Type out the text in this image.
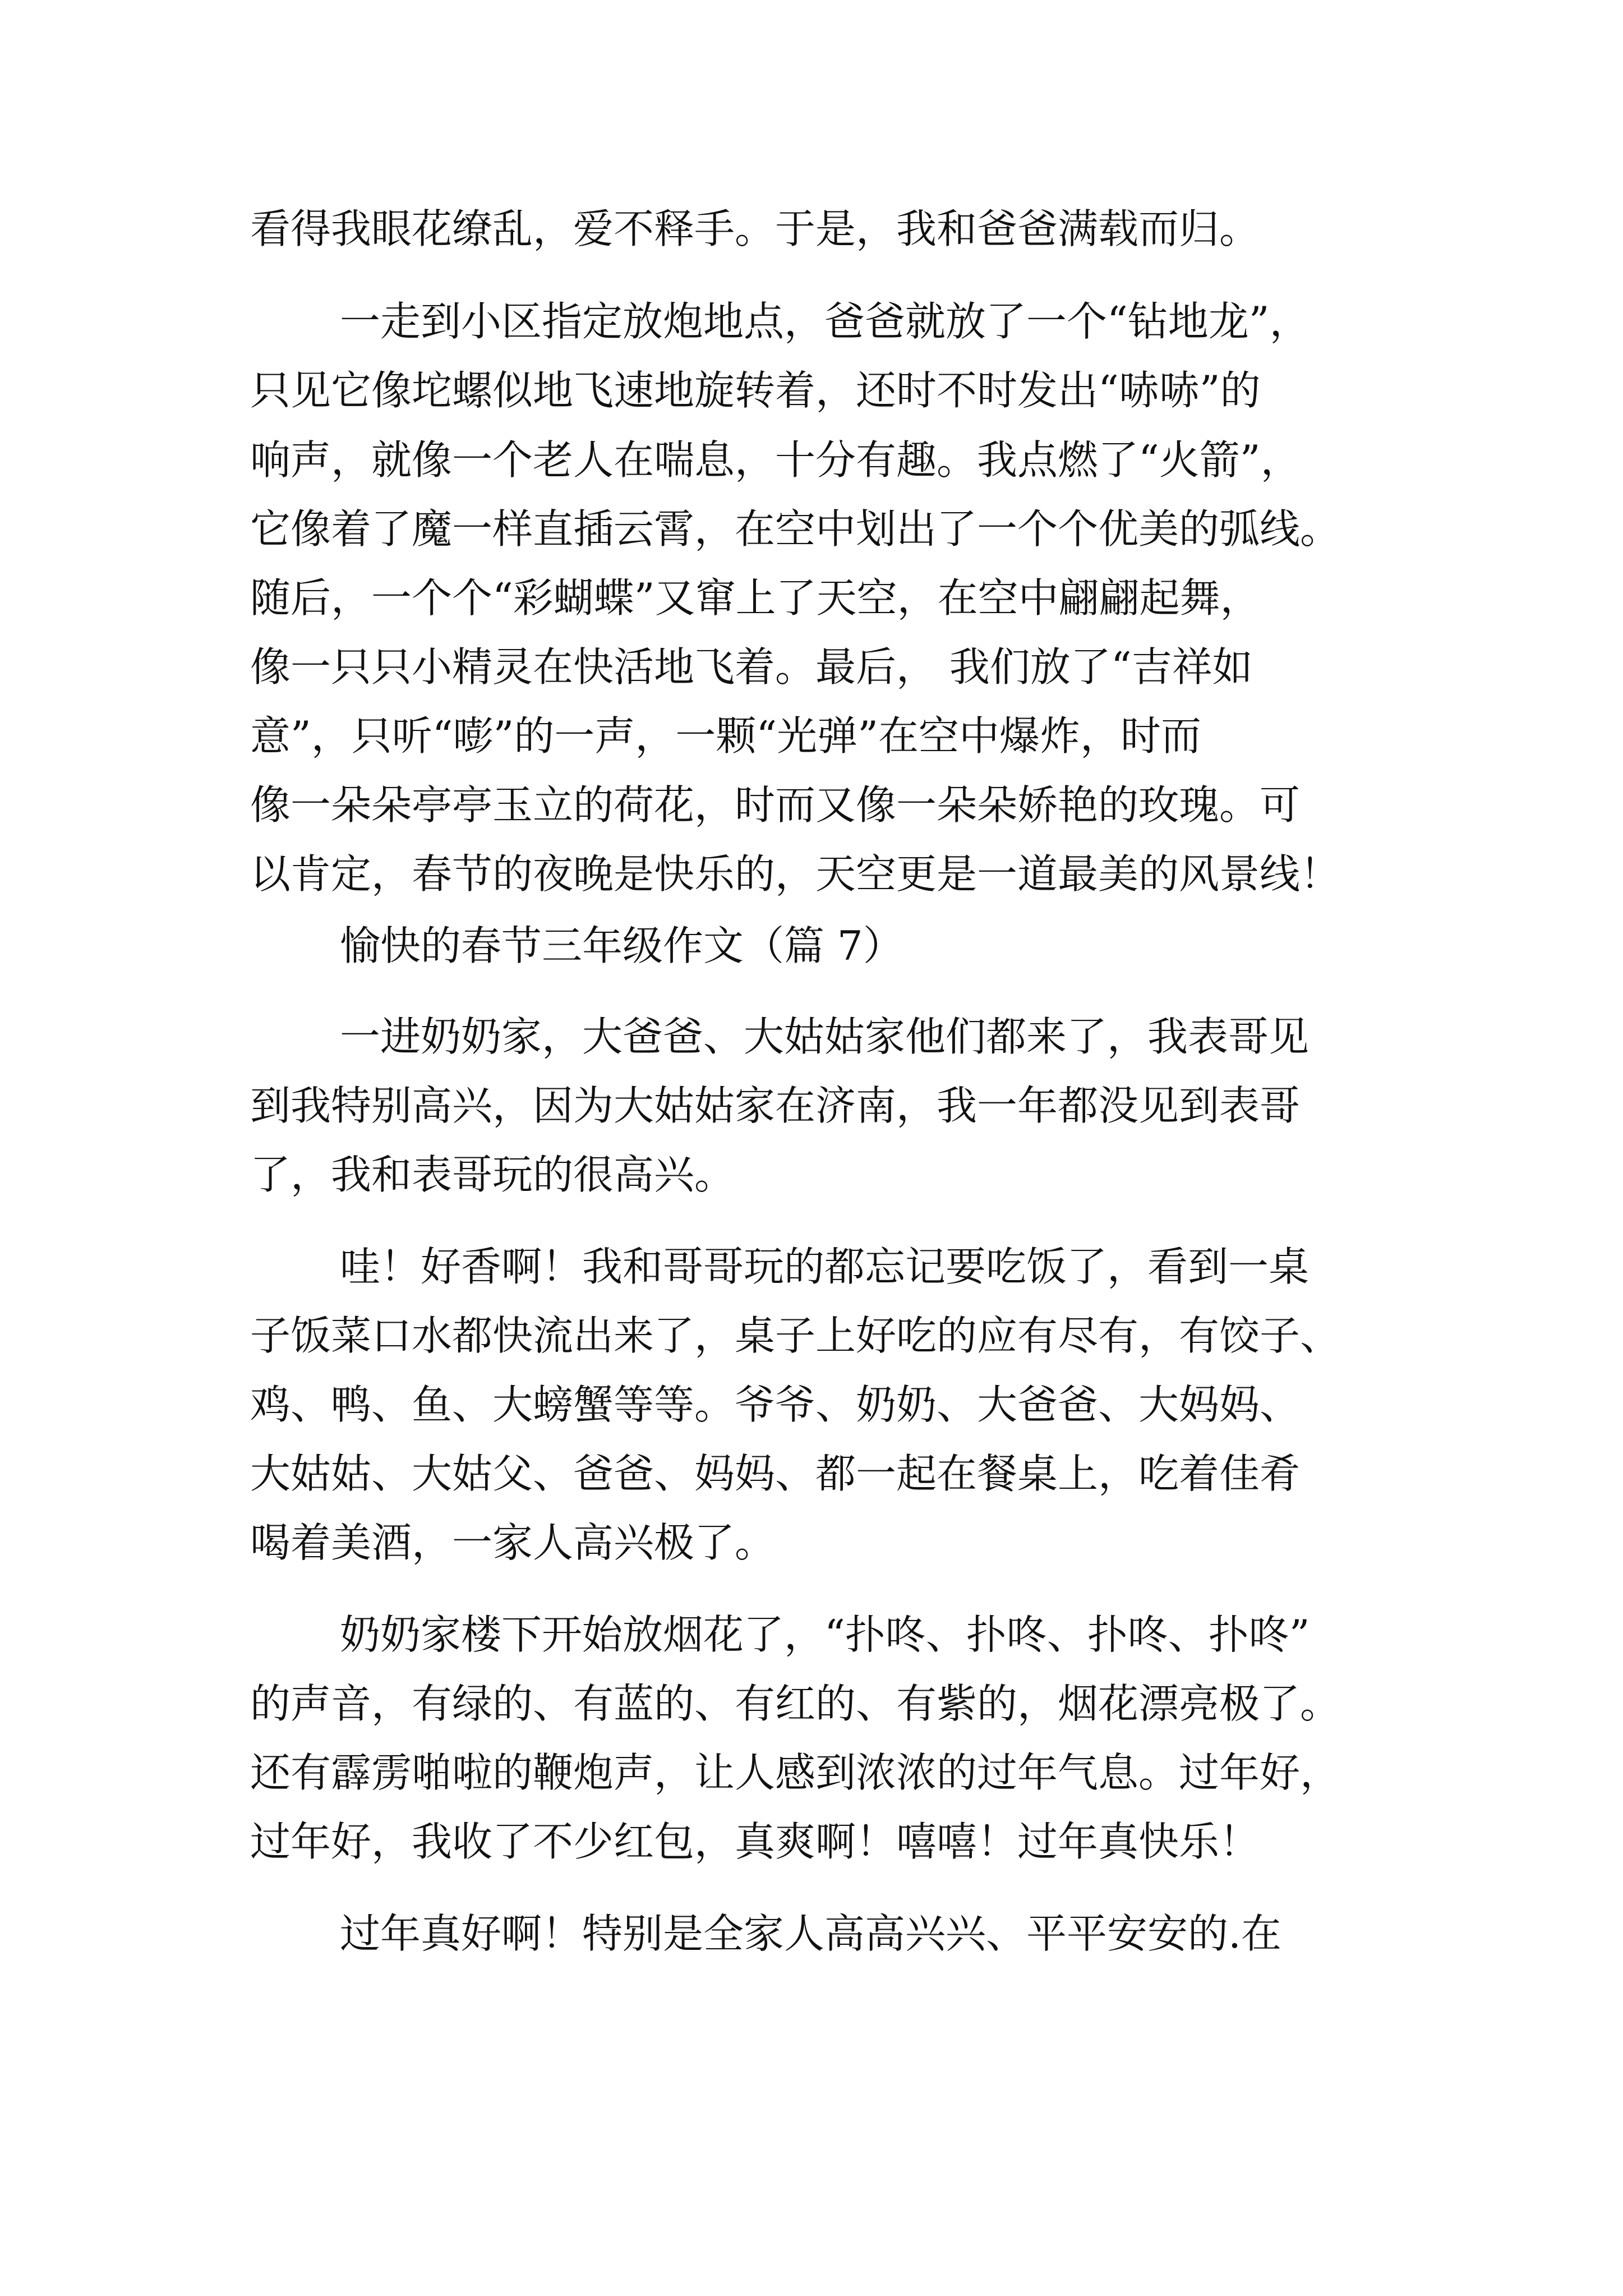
看得我眼花缭乱，爱不释手。于是，我和爸爸满载而归。
一走到小区指定放炮地点，爸爸就放了一个“钻地龙”，
只见它像坨螺似地飞速地旋转着，还时不时发出“哧哧”的
响声，就像一个老人在喘息，十分有趣。我点燃了“火箭”，
它像着了魔一样直插云霄，在空中划出了一个个优美的弧线。
随后，一个个“彩蝴蝶”又窜上了天空，在空中翩翩起舞，
像一只只小精灵在快活地飞着。最后， 我们放了“吉祥如
意”，只听“嘭”的一声，一颗“光弹”在空中爆炸，时而
像一朵朵亭亭玉立的荷花，时而又像一朵朵娇艳的玫瑰。可
以肯定，春节的夜晚是快乐的，天空更是一道最美的风景线！
愉快的春节三年级作文（篇 7）
一进奶奶家，大爸爸、大姑姑家他们都来了，我表哥见
到我特别高兴，因为大姑姑家在济南，我一年都没见到表哥
了，我和表哥玩的很高兴。
哇！好香啊！我和哥哥玩的都忘记要吃饭了，看到一桌
子饭菜口水都快流出来了，桌子上好吃的应有尽有，有饺子、
鸡、鸭、鱼、大螃蟹等等。爷爷、奶奶、大爸爸、大妈妈、
大姑姑、大姑父、爸爸、妈妈、都一起在餐桌上，吃着佳肴
喝着美酒，一家人高兴极了。
奶奶家楼下开始放烟花了，“扑咚、扑咚、扑咚、扑咚”
的声音，有绿的、有蓝的、有红的、有紫的，烟花漂亮极了。
还有霹雳啪啦的鞭炮声，让人感到浓浓的过年气息。过年好，
过年好，我收了不少红包，真爽啊！嘻嘻！过年真快乐！
过年真好啊！特别是全家人高高兴兴、平平安安的.在
